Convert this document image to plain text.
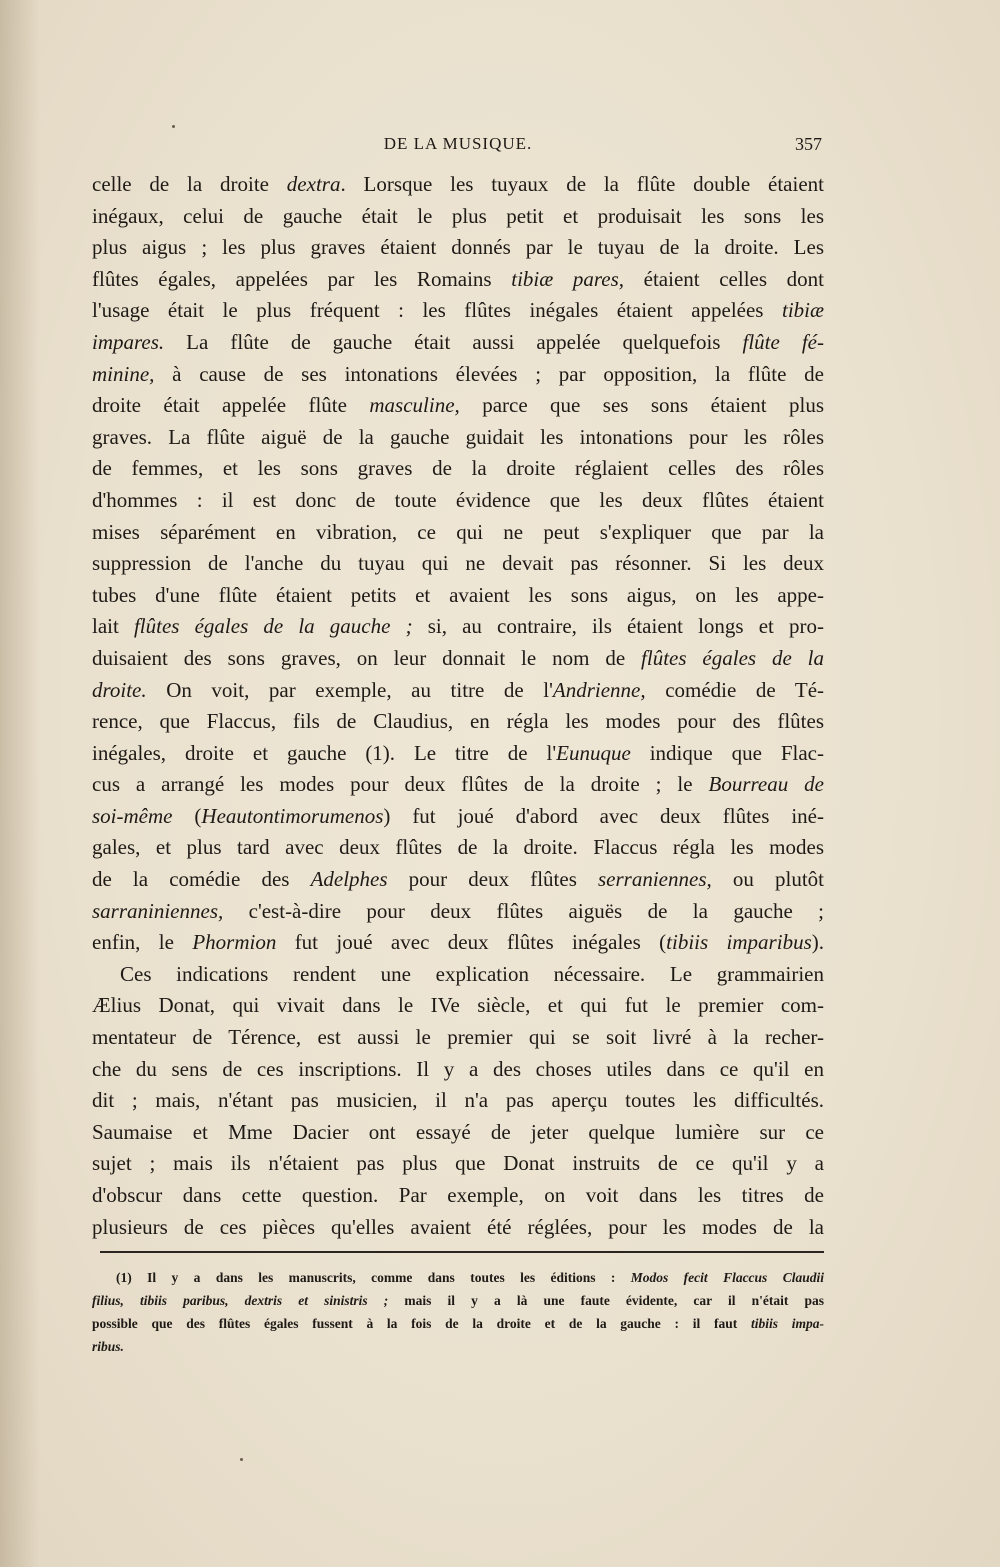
DE LA MUSIQUE.	357
celle de la droite dextra. Lorsque les tuyaux de la flûte double étaient
inégaux, celui de gauche était le plus petit et produisait les sons les
plus aigus ; les plus graves étaient donnés par le tuyau de la droite. Les
flûtes égales, appelées par les Romains tibiæ pares, étaient celles dont
l'usage était le plus fréquent : les flûtes inégales étaient appelées tibiæ
impares. La flûte de gauche était aussi appelée quelquefois flûte fé-
minine, à cause de ses intonations élevées ; par opposition, la flûte de
droite était appelée flûte masculine, parce que ses sons étaient plus
graves. La flûte aiguë de la gauche guidait les intonations pour les rôles
de femmes, et les sons graves de la droite réglaient celles des rôles
d'hommes : il est donc de toute évidence que les deux flûtes étaient
mises séparément en vibration, ce qui ne peut s'expliquer que par la
suppression de l'anche du tuyau qui ne devait pas résonner. Si les deux
tubes d'une flûte étaient petits et avaient les sons aigus, on les appe-
lait flûtes égales de la gauche ; si, au contraire, ils étaient longs et pro-
duisaient des sons graves, on leur donnait le nom de flûtes égales de la
droite. On voit, par exemple, au titre de l'Andrienne, comédie de Té-
rence, que Flaccus, fils de Claudius, en régla les modes pour des flûtes
inégales, droite et gauche (1). Le titre de l'Eunuque indique que Flac-
cus a arrangé les modes pour deux flûtes de la droite ; le Bourreau de
soi-même (Heautontimorumenos) fut joué d'abord avec deux flûtes iné-
gales, et plus tard avec deux flûtes de la droite. Flaccus régla les modes
de la comédie des Adelphes pour deux flûtes serraniennes, ou plutôt
sarraniniennes, c'est-à-dire pour deux flûtes aiguës de la gauche ;
enfin, le Phormion fut joué avec deux flûtes inégales (tibiis imparibus).
Ces indications rendent une explication nécessaire. Le grammairien
Ælius Donat, qui vivait dans le IVe siècle, et qui fut le premier com-
mentateur de Térence, est aussi le premier qui se soit livré à la recher-
che du sens de ces inscriptions. Il y a des choses utiles dans ce qu'il en
dit ; mais, n'étant pas musicien, il n'a pas aperçu toutes les difficultés.
Saumaise et Mme Dacier ont essayé de jeter quelque lumière sur ce
sujet ; mais ils n'étaient pas plus que Donat instruits de ce qu'il y a
d'obscur dans cette question. Par exemple, on voit dans les titres de
plusieurs de ces pièces qu'elles avaient été réglées, pour les modes de la
(1) Il y a dans les manuscrits, comme dans toutes les éditions : Modos fecit Flaccus Claudii
filius, tibiis paribus, dextris et sinistris ; mais il y a là une faute évidente, car il n'était pas
possible que des flûtes égales fussent à la fois de la droite et de la gauche : il faut tibiis impa-
ribus.
